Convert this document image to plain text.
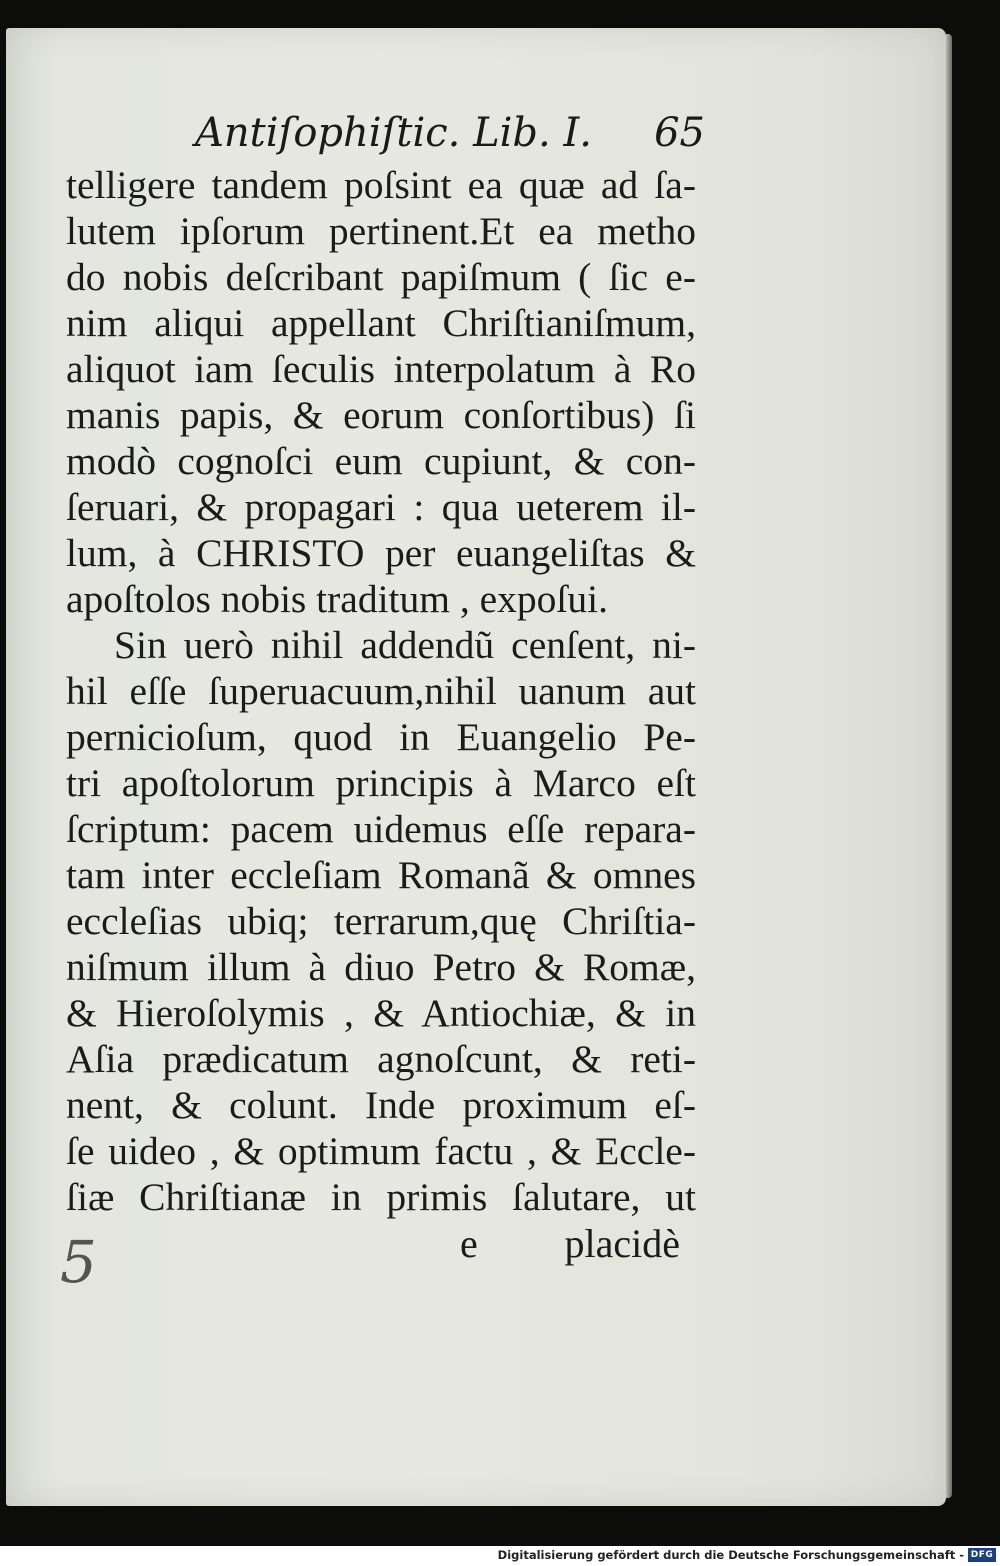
Antiſophiſtic. Lib. I. 65
telligere tandem poſsint ea quæ ad ſa-
lutem ipſorum pertinent.Et ea metho
do nobis deſcribant papiſmum ( ſic e-
nim aliqui appellant Chriſtianiſmum,
aliquot iam ſeculis interpolatum à Ro
manis papis, & eorum conſortibus) ſi
modò cognoſci eum cupiunt, & con-
ſeruari, & propagari : qua ueterem il-
lum, à CHRISTO per euangeliſtas &
apoſtolos nobis traditum , expoſui.
Sin uerò nihil addendũ cenſent, ni-
hil eſſe ſuperuacuum,nihil uanum aut
pernicioſum, quod in Euangelio Pe-
tri apoſtolorum principis à Marco eſt
ſcriptum: pacem uidemus eſſe repara-
tam inter eccleſiam Romanã & omnes
eccleſias ubiq; terrarum,quę Chriſtia-
niſmum illum à diuo Petro & Romæ,
& Hieroſolymis , & Antiochiæ, & in
Aſia prædicatum agnoſcunt, & reti-
nent, & colunt. Inde proximum eſ-
ſe uideo , & optimum factu , & Eccle-
ſiæ Chriſtianæ in primis ſalutare, ut
5	e placidè
Digitalisierung gefördert durch die Deutsche Forschungsgemeinschaft - DFG
